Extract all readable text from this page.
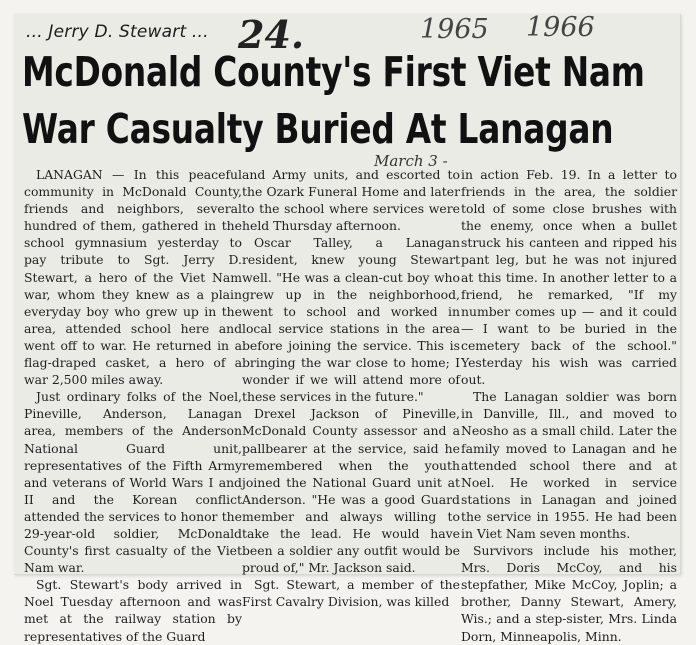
... Jerry D. Stewart ... 24.	1965 1966
McDonald County's First Viet Nam
War Casualty Buried At Lanagan
March 3 -

LANAGAN — In this peaceful community in McDonald County, friends and neighbors, several hundred of them, gathered in the school gymnasium yesterday to pay tribute to Sgt. Jerry D. Stewart, a hero of the Viet Nam war, whom they knew as a plain everyday boy who grew up in the area, attended school here and went off to war. He returned in a flag-draped casket, a hero of a war 2,500 miles away.

Just ordinary folks of the Noel, Pineville, Anderson, Lanagan area, members of the Anderson National Guard unit, representatives of the Fifth Army and veterans of World Wars I and II and the Korean conflict attended the services to honor the 29-year-old soldier, McDonald County's first casualty of the Viet Nam war.

Sgt. Stewart's body arrived in Noel Tuesday afternoon and was met at the railway station by representatives of the Guard

and Army units, and escorted to the Ozark Funeral Home and later to the school where services were held Thursday afternoon.

Oscar Talley, a Lanagan resident, knew young Stewart well. "He was a clean-cut boy who grew up in the neighborhood, went to school and worked in local service stations in the area before joining the service. This is bringing the war close to home; I wonder if we will attend more of these services in the future."

Drexel Jackson of Pineville, McDonald County assessor and a pallbearer at the service, said he remembered when the youth joined the National Guard unit at Anderson. "He was a good Guard member and always willing to take the lead. He would have been a soldier any outfit would be proud of," Mr. Jackson said.

Sgt. Stewart, a member of the First Cavalry Division, was killed

in action Feb. 19. In a letter to friends in the area, the soldier told of some close brushes with the enemy, once when a bullet struck his canteen and ripped his pant leg, but he was not injured at this time. In another letter to a friend, he remarked, "If my number comes up — and it could — I want to be buried in the cemetery back of the school." Yesterday his wish was carried out.

The Lanagan soldier was born in Danville, Ill., and moved to Neosho as a small child. Later the family moved to Lanagan and he attended school there and at Noel. He worked in service stations in Lanagan and joined the service in 1955. He had been in Viet Nam seven months.

Survivors include his mother, Mrs. Doris McCoy, and his stepfather, Mike McCoy, Joplin; a brother, Danny Stewart, Amery, Wis.; and a step-sister, Mrs. Linda Dorn, Minneapolis, Minn.
